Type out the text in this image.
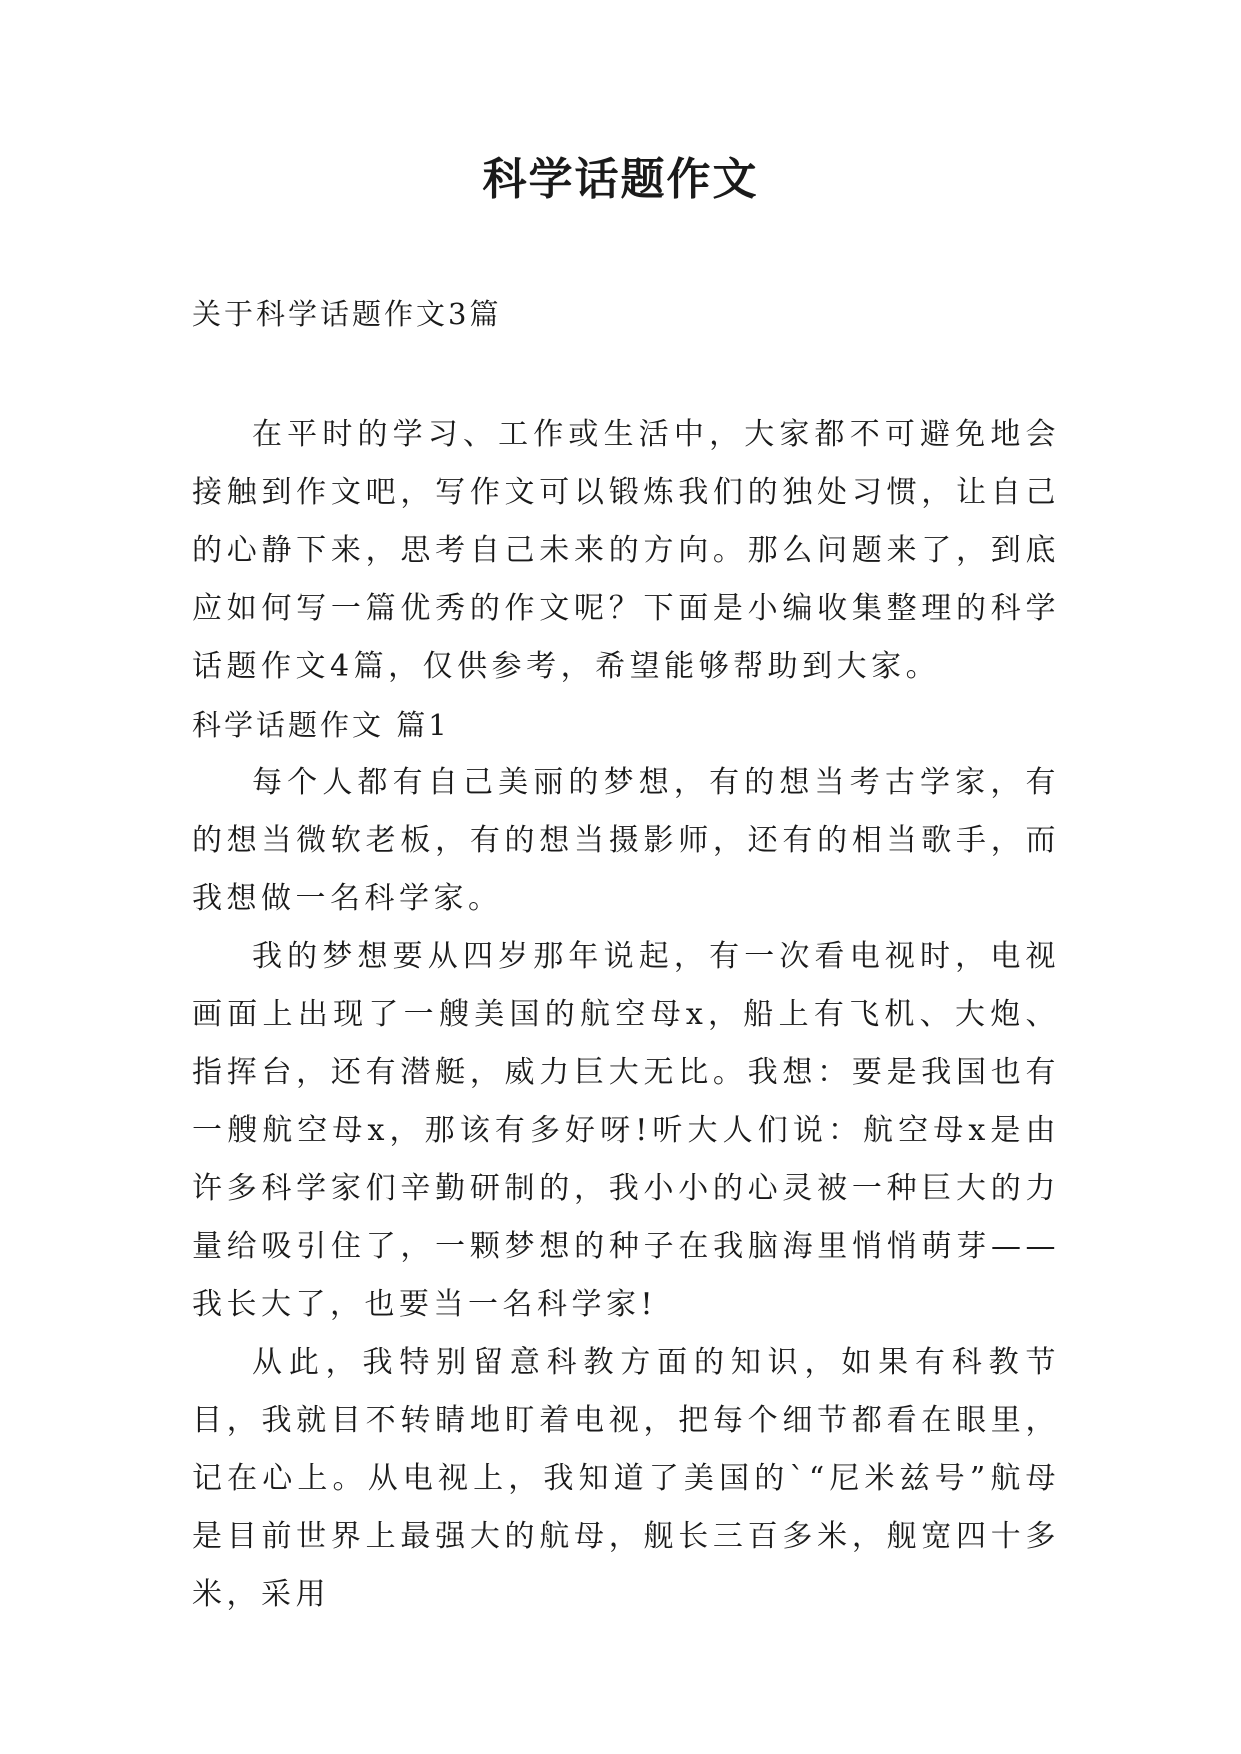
科学话题作文
关于科学话题作文3篇

在平时的学习、工作或生活中，大家都不可避免地会接触到作文吧，写作文可以锻炼我们的独处习惯，让自己的心静下来，思考自己未来的方向。那么问题来了，到底应如何写一篇优秀的作文呢？下面是小编收集整理的科学话题作文4篇，仅供参考，希望能够帮助到大家。

科学话题作文 篇1

每个人都有自己美丽的梦想，有的想当考古学家，有的想当微软老板，有的想当摄影师，还有的相当歌手，而我想做一名科学家。

我的梦想要从四岁那年说起，有一次看电视时，电视画面上出现了一艘美国的航空母x，船上有飞机、大炮、指挥台，还有潜艇，威力巨大无比。我想：要是我国也有一艘航空母x，那该有多好呀!听大人们说：航空母x是由许多科学家们辛勤研制的，我小小的心灵被一种巨大的力量给吸引住了，一颗梦想的种子在我脑海里悄悄萌芽——我长大了，也要当一名科学家!

从此，我特别留意科教方面的知识，如果有科教节目，我就目不转睛地盯着电视，把每个细节都看在眼里，记在心上。从电视上，我知道了美国的`“尼米兹号”航母是目前世界上最强大的航母，舰长三百多米，舰宽四十多米，采用
